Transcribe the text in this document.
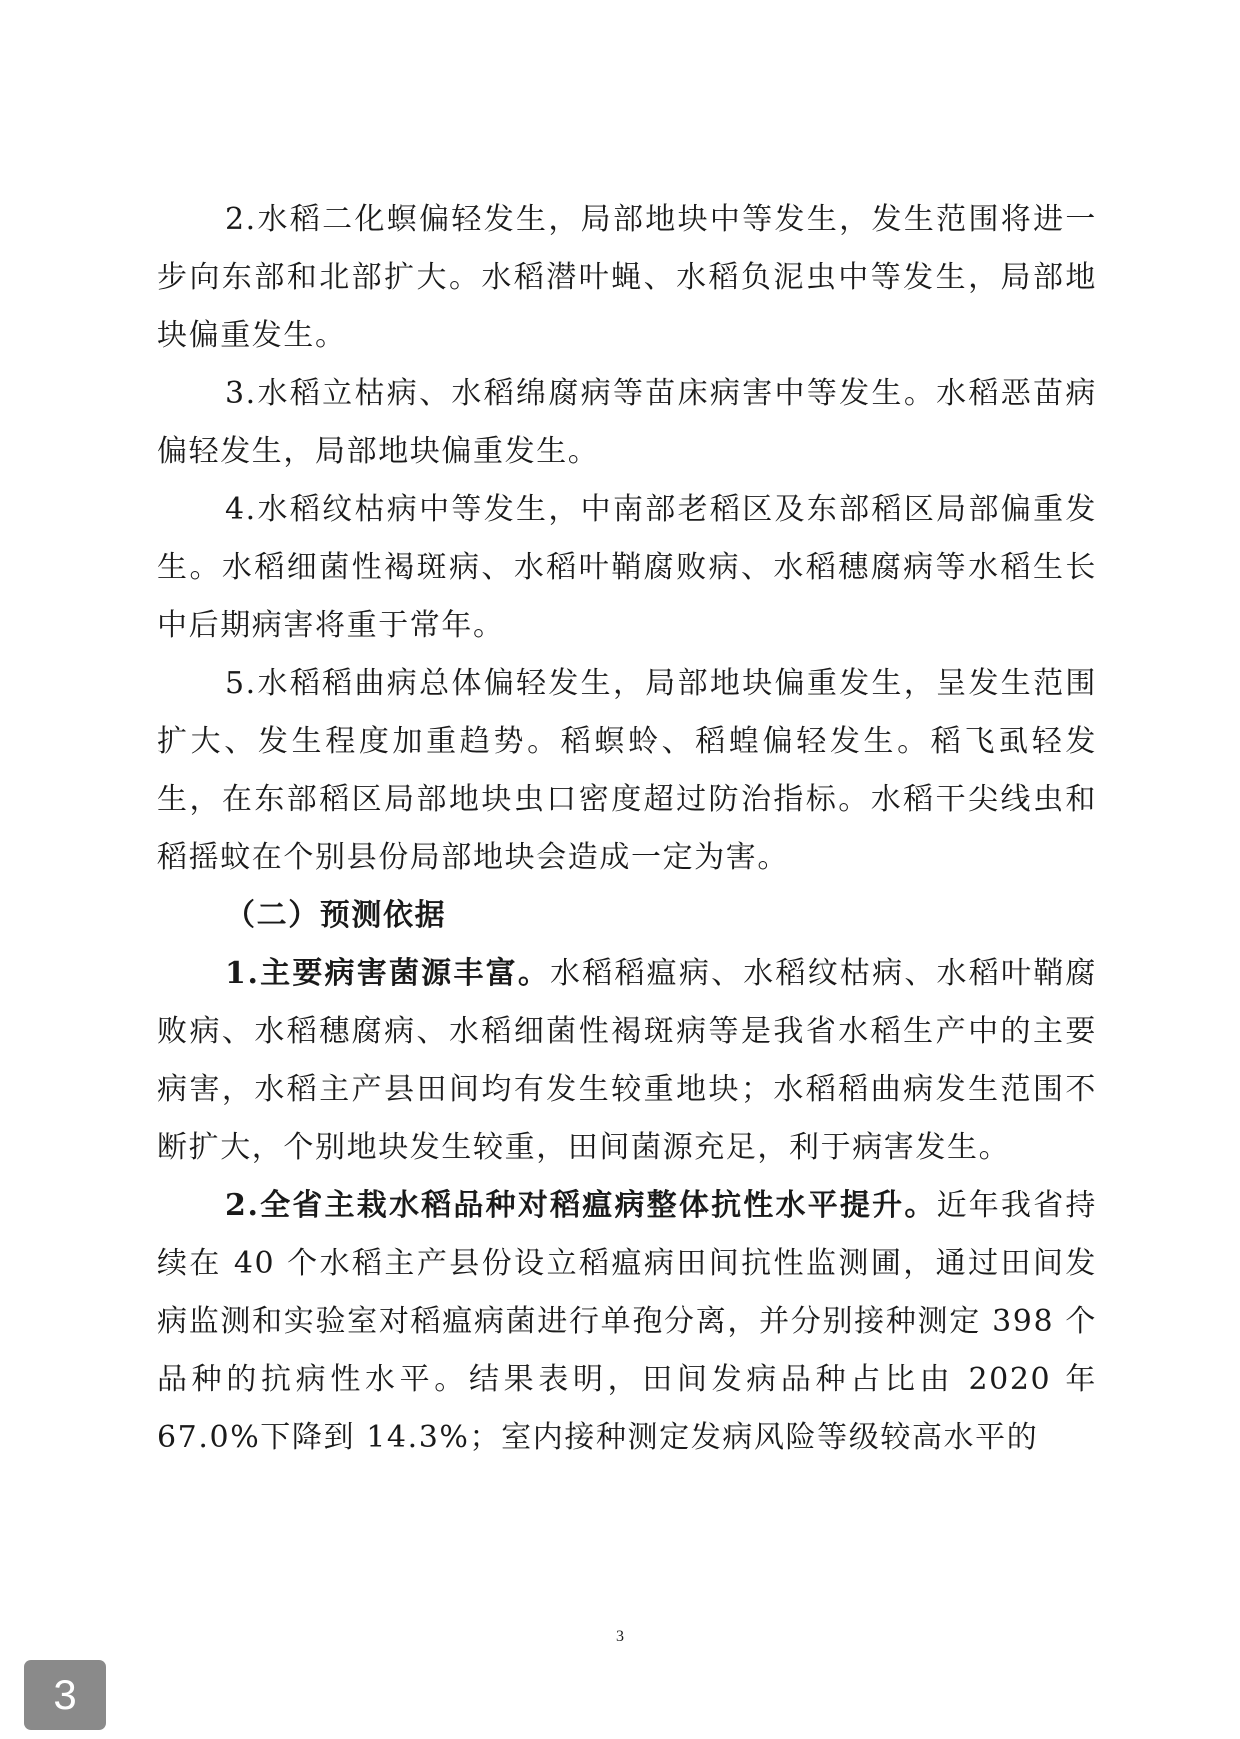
2.水稻二化螟偏轻发生，局部地块中等发生，发生范围将进一步向东部和北部扩大。水稻潜叶蝇、水稻负泥虫中等发生，局部地块偏重发生。

3.水稻立枯病、水稻绵腐病等苗床病害中等发生。水稻恶苗病偏轻发生，局部地块偏重发生。

4.水稻纹枯病中等发生，中南部老稻区及东部稻区局部偏重发生。水稻细菌性褐斑病、水稻叶鞘腐败病、水稻穗腐病等水稻生长中后期病害将重于常年。

5.水稻稻曲病总体偏轻发生，局部地块偏重发生，呈发生范围扩大、发生程度加重趋势。稻螟蛉、稻蝗偏轻发生。稻飞虱轻发生，在东部稻区局部地块虫口密度超过防治指标。水稻干尖线虫和稻摇蚊在个别县份局部地块会造成一定为害。

（二）预测依据

1.主要病害菌源丰富。水稻稻瘟病、水稻纹枯病、水稻叶鞘腐败病、水稻穗腐病、水稻细菌性褐斑病等是我省水稻生产中的主要病害，水稻主产县田间均有发生较重地块；水稻稻曲病发生范围不断扩大，个别地块发生较重，田间菌源充足，利于病害发生。

2.全省主栽水稻品种对稻瘟病整体抗性水平提升。近年我省持续在 40 个水稻主产县份设立稻瘟病田间抗性监测圃，通过田间发病监测和实验室对稻瘟病菌进行单孢分离，并分别接种测定 398 个品种的抗病性水平。结果表明，田间发病品种占比由 2020 年 67.0%下降到 14.3%；室内接种测定发病风险等级较高水平的

3
3
